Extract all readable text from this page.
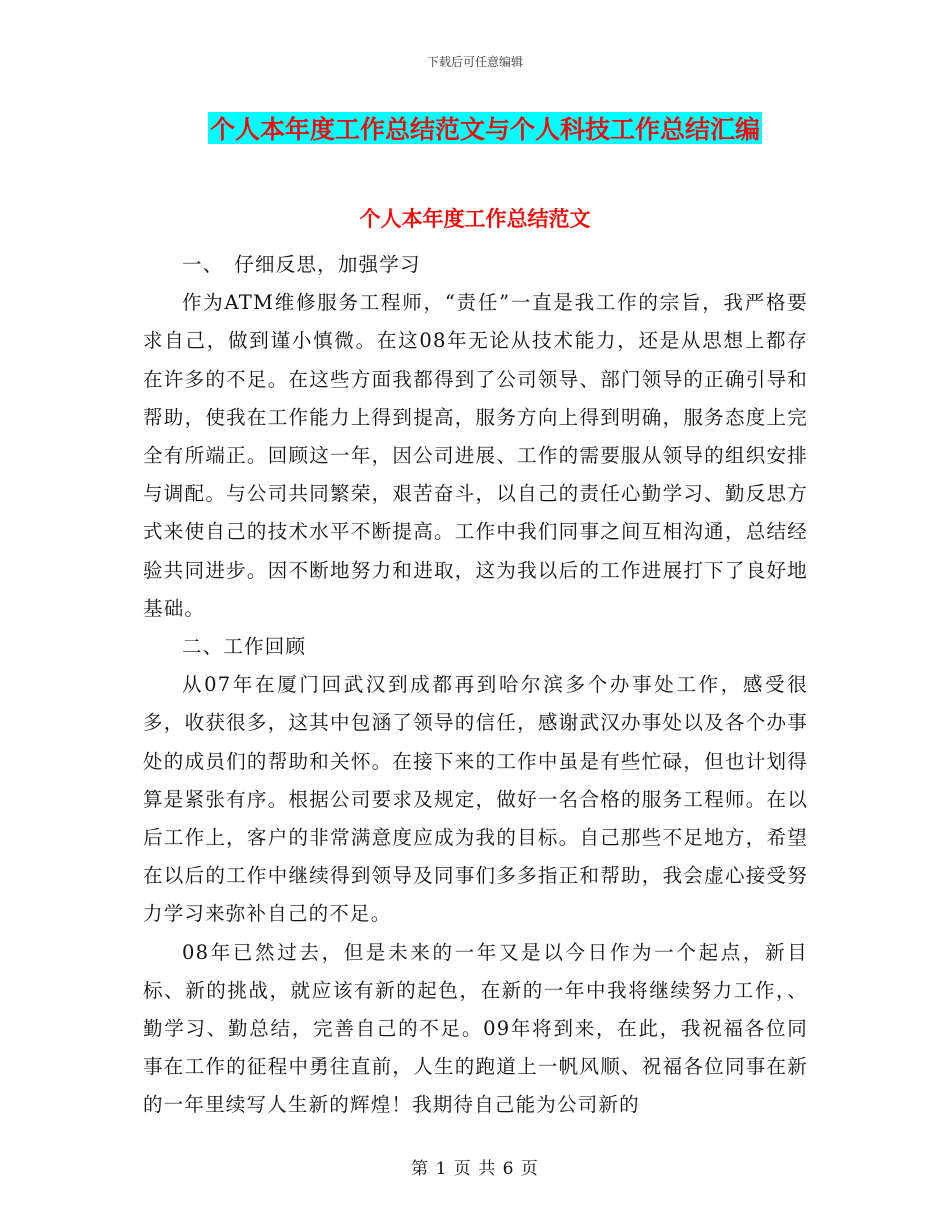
下载后可任意编辑
个人本年度工作总结范文与个人科技工作总结汇编
个人本年度工作总结范文

一、　仔细反思，加强学习

作为ATM维修服务工程师，“责任”一直是我工作的宗旨，我严格要求自己，做到谨小慎微。在这08年无论从技术能力，还是从思想上都存在许多的不足。在这些方面我都得到了公司领导、部门领导的正确引导和帮助，使我在工作能力上得到提高，服务方向上得到明确，服务态度上完全有所端正。回顾这一年，因公司进展、工作的需要服从领导的组织安排与调配。与公司共同繁荣，艰苦奋斗，以自己的责任心勤学习、勤反思方式来使自己的技术水平不断提高。工作中我们同事之间互相沟通，总结经验共同进步。因不断地努力和进取，这为我以后的工作进展打下了良好地基础。

二、工作回顾

从07年在厦门回武汉到成都再到哈尔滨多个办事处工作，感受很多，收获很多，这其中包涵了领导的信任，感谢武汉办事处以及各个办事处的成员们的帮助和关怀。在接下来的工作中虽是有些忙碌，但也计划得算是紧张有序。根据公司要求及规定，做好一名合格的服务工程师。在以后工作上，客户的非常满意度应成为我的目标。自己那些不足地方，希望在以后的工作中继续得到领导及同事们多多指正和帮助，我会虚心接受努力学习来弥补自己的不足。

08年已然过去，但是未来的一年又是以今日作为一个起点，新目标、新的挑战，就应该有新的起色，在新的一年中我将继续努力工作，、勤学习、勤总结，完善自己的不足。09年将到来，在此，我祝福各位同事在工作的征程中勇往直前，人生的跑道上一帆风顺、祝福各位同事在新的一年里续写人生新的辉煌！我期待自己能为公司新的

第 1 页 共 6 页
